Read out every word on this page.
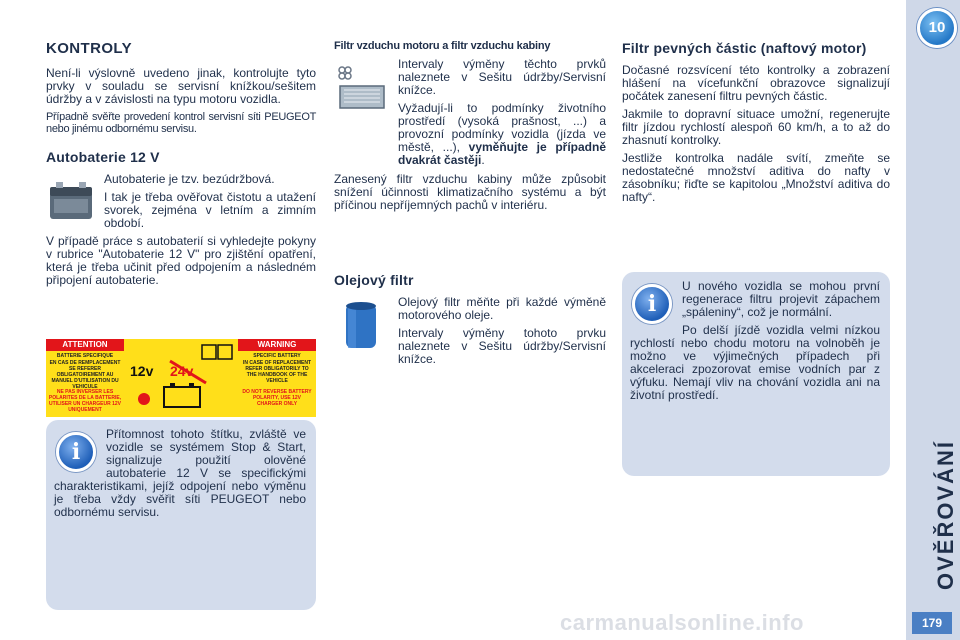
KONTROLY

Není-li výslovně uvedeno jinak, kontrolujte tyto prvky v souladu se servisní knížkou/sešitem údržby a v závislosti na typu motoru vozidla.

Případně svěřte provedení kontrol servisní síti PEUGEOT nebo jinému odbornému servisu.

Autobaterie 12 V

Autobaterie je tzv. bezúdržbová.

I tak je třeba ověřovat čistotu a utažení svorek, zejména v letním a zimním období.

V případě práce s autobaterií si vyhledejte pokyny v rubrice "Autobaterie 12 V" pro zjištění opatření, která je třeba učinit před odpojením a následném připojení autobaterie.

ATTENTION	WARNING
BATTERIE SPECIFIQUE
EN CAS DE REMPLACEMENT SE REFERER OBLIGATOIREMENT AU MANUEL D'UTILISATION DU VEHICULE
NE PAS INVERSER LES POLARITES DE LA BATTERIE, UTILISER UN CHARGEUR 12V UNIQUEMENT
SPECIFIC BATTERY
IN CASE OF REPLACEMENT REFER OBLIGATORILY TO THE HANDBOOK OF THE VEHICLE
DO NOT REVERSE BATTERY POLARITY, USE 12V CHARGER ONLY
12v 24v
i

Přítomnost tohoto štítku, zvláště ve vozidle se systémem Stop & Start, signalizuje použití olověné autobaterie 12 V se specifickými charakteristikami, jejíž odpojení nebo výměnu je třeba vždy svěřit síti PEUGEOT nebo odbornému servisu.

Filtr vzduchu motoru a filtr vzduchu kabiny

Intervaly výměny těchto prvků naleznete v Sešitu údržby/Servisní knížce.

Vyžadují-li to podmínky životního prostředí (vysoká prašnost, ...) a provozní podmínky vozidla (jízda ve městě, ...), vyměňujte je případně dvakrát častěji.

Zanesený filtr vzduchu kabiny může způsobit snížení účinnosti klimatizačního systému a být příčinou nepříjemných pachů v interiéru.

Olejový filtr

Olejový filtr měňte při každé výměně motorového oleje.

Intervaly výměny tohoto prvku naleznete v Sešitu údržby/Servisní knížce.

Filtr pevných částic (naftový motor)

Dočasné rozsvícení této kontrolky a zobrazení hlášení na vícefunkční obrazovce signalizují počátek zanesení filtru pevných částic.

Jakmile to dopravní situace umožní, regenerujte filtr jízdou rychlostí alespoň 60 km/h, a to až do zhasnutí kontrolky.

Jestliže kontrolka nadále svítí, zmeňte se nedostatečné množství aditiva do nafty v zásobníku; řiďte se kapitolou „Množství aditiva do nafty“.

i

U nového vozidla se mohou první regenerace filtru projevit zápachem „spáleniny“, což je normální.

Po delší jízdě vozidla velmi nízkou rychlostí nebo chodu motoru na volnoběh je možno ve výjimečných případech při akceleraci zpozorovat emise vodních par z výfuku. Nemají vliv na chování vozidla ani na životní prostředí.

10
OVĚŘOVÁNÍ
179
carmanualsonline.info
